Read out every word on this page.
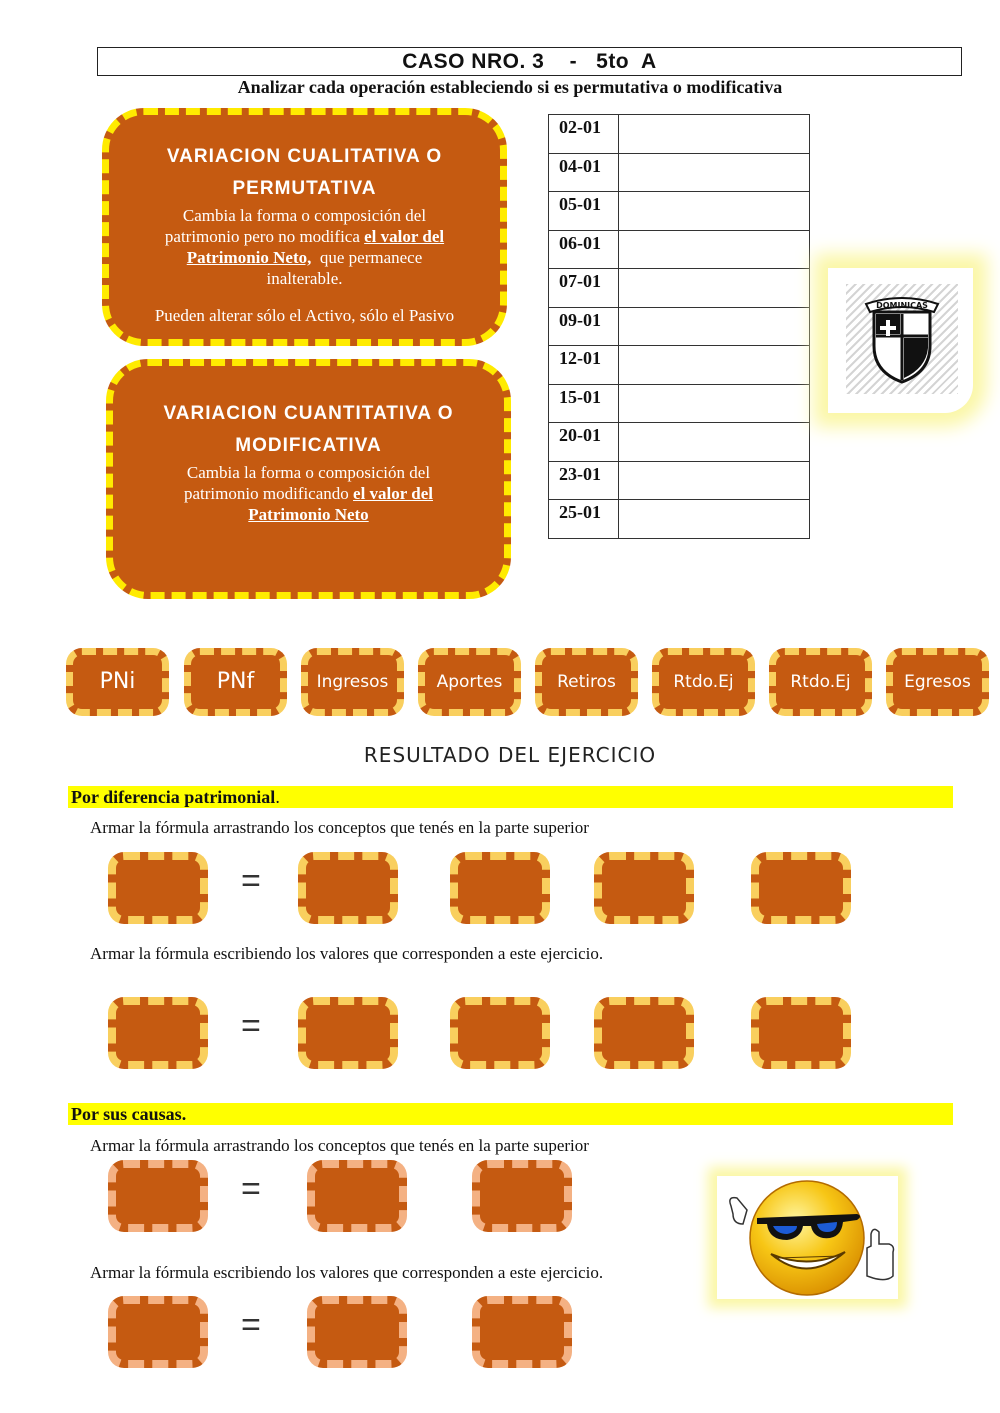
CASO NRO. 3    -   5to  A
Analizar cada operación estableciendo si es permutativa o modificativa
VARIACION CUALITATIVA O
PERMUTATIVA

Cambia la forma o composición del
patrimonio pero no modifica el valor del
Patrimonio Neto,  que permanece
inalterable.

Pueden alterar sólo el Activo, sólo el Pasivo

VARIACION CUANTITATIVA O
MODIFICATIVA

Cambia la forma o composición del
patrimonio modificando el valor del
Patrimonio Neto

02-01	
04-01	
05-01	
06-01	
07-01	
09-01	
12-01	
15-01	
20-01	
23-01	
25-01	
DOMINICAS
PNi	PNf	Ingresos	Aportes	Retiros	Rtdo.Ej	Rtdo.Ej	Egresos
RESULTADO DEL EJERCICIO
Por diferencia patrimonial.
Armar la fórmula arrastrando los conceptos que tenés en la parte superior
=
Armar la fórmula escribiendo los valores que corresponden a este ejercicio.
=
Por sus causas.
Armar la fórmula arrastrando los conceptos que tenés en la parte superior
=
Armar la fórmula escribiendo los valores que corresponden a este ejercicio.
=
